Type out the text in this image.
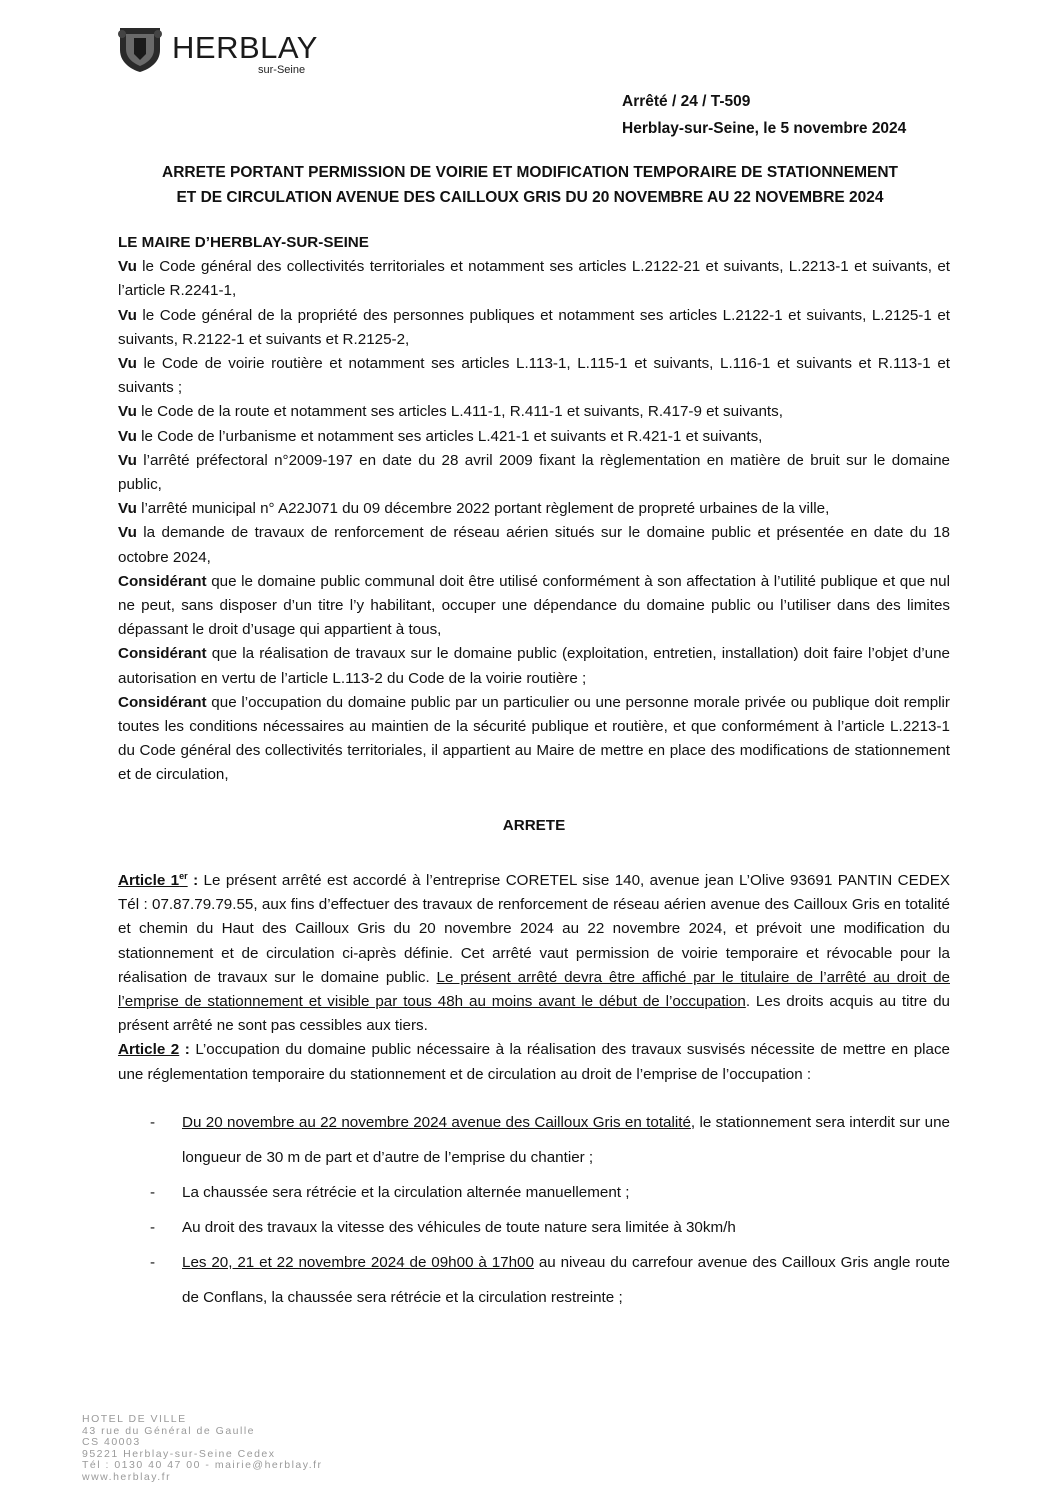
HERBLAY
sur-Seine
Arrêté / 24 / T-509
Herblay-sur-Seine, le 5 novembre 2024
ARRETE PORTANT PERMISSION DE VOIRIE ET MODIFICATION TEMPORAIRE DE STATIONNEMENT
ET DE CIRCULATION AVENUE DES CAILLOUX GRIS DU 20 NOVEMBRE AU 22 NOVEMBRE 2024

LE MAIRE D’HERBLAY-SUR-SEINE

Vu le Code général des collectivités territoriales et notamment ses articles L.2122-21 et suivants, L.2213-1 et suivants, et l’article R.2241-1,

Vu le Code général de la propriété des personnes publiques et notamment ses articles L.2122-1 et suivants, L.2125-1 et suivants, R.2122-1 et suivants et R.2125-2,

Vu le Code de voirie routière et notamment ses articles L.113-1, L.115-1 et suivants, L.116-1 et suivants et R.113-1 et suivants ;

Vu le Code de la route et notamment ses articles L.411-1, R.411-1 et suivants, R.417-9 et suivants,

Vu le Code de l’urbanisme et notamment ses articles L.421-1 et suivants et R.421-1 et suivants,

Vu l’arrêté préfectoral n°2009-197 en date du 28 avril 2009 fixant la règlementation en matière de bruit sur le domaine public,

Vu l’arrêté municipal n° A22J071 du 09 décembre 2022 portant règlement de propreté urbaines de la ville,

Vu la demande de travaux de renforcement de réseau aérien situés sur le domaine public et présentée en date du 18 octobre 2024,

Considérant que le domaine public communal doit être utilisé conformément à son affectation à l’utilité publique et que nul ne peut, sans disposer d’un titre l’y habilitant, occuper une dépendance du domaine public ou l’utiliser dans des limites dépassant le droit d’usage qui appartient à tous,

Considérant que la réalisation de travaux sur le domaine public (exploitation, entretien, installation) doit faire l’objet d’une autorisation en vertu de l’article L.113-2 du Code de la voirie routière ;

Considérant que l’occupation du domaine public par un particulier ou une personne morale privée ou publique doit remplir toutes les conditions nécessaires au maintien de la sécurité publique et routière, et que conformément à l’article L.2213-1 du Code général des collectivités territoriales, il appartient au Maire de mettre en place des modifications de stationnement et de circulation,

ARRETE

Article 1er : Le présent arrêté est accordé à l’entreprise CORETEL sise 140, avenue jean L’Olive 93691 PANTIN CEDEX Tél : 07.87.79.79.55, aux fins d’effectuer des travaux de renforcement de réseau aérien avenue des Cailloux Gris en totalité et chemin du Haut des Cailloux Gris du 20 novembre 2024 au 22 novembre 2024, et prévoit une modification du stationnement et de circulation ci-après définie. Cet arrêté vaut permission de voirie temporaire et révocable pour la réalisation de travaux sur le domaine public. Le présent arrêté devra être affiché par le titulaire de l’arrêté au droit de l’emprise de stationnement et visible par tous 48h au moins avant le début de l’occupation. Les droits acquis au titre du présent arrêté ne sont pas cessibles aux tiers.

Article 2 : L’occupation du domaine public nécessaire à la réalisation des travaux susvisés nécessite de mettre en place une réglementation temporaire du stationnement et de circulation au droit de l’emprise de l’occupation :

- Du 20 novembre au 22 novembre 2024 avenue des Cailloux Gris en totalité, le stationnement sera interdit sur une longueur de 30 m de part et d’autre de l’emprise du chantier ;
- La chaussée sera rétrécie et la circulation alternée manuellement ;
- Au droit des travaux la vitesse des véhicules de toute nature sera limitée à 30km/h
- Les 20, 21 et 22 novembre 2024 de 09h00 à 17h00 au niveau du carrefour avenue des Cailloux Gris angle route de Conflans, la chaussée sera rétrécie et la circulation restreinte ;
HOTEL DE VILLE
43 rue du Général de Gaulle
CS 40003
95221 Herblay-sur-Seine Cedex
Tél : 0130 40 47 00 - mairie@herblay.fr
www.herblay.fr
